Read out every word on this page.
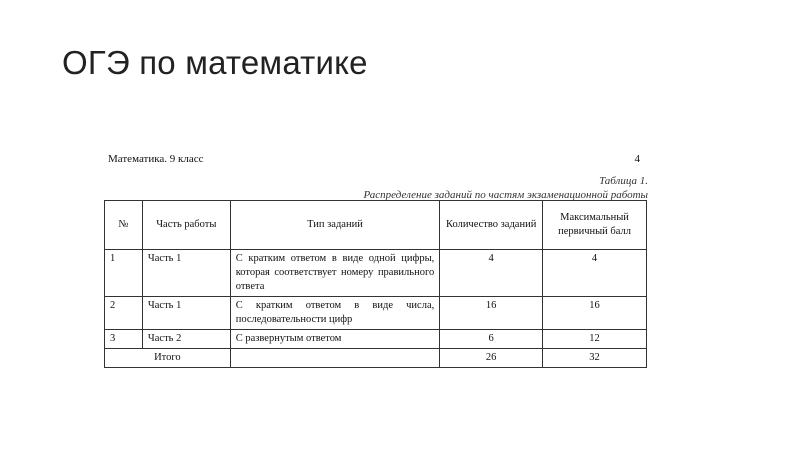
ОГЭ по математике
Математика. 9 класс	4
Таблица 1.
Распределение заданий по частям экзаменационной работы
№	Часть работы	Тип заданий	Количество заданий	Максимальный первичный балл
1	Часть 1	С кратким ответом в виде одной цифры, которая соответствует номеру правильного ответа	4	4
2	Часть 1	С кратким ответом в виде числа, последовательности цифр	16	16
3	Часть 2	С развернутым ответом	6	12
Итого			26	32
